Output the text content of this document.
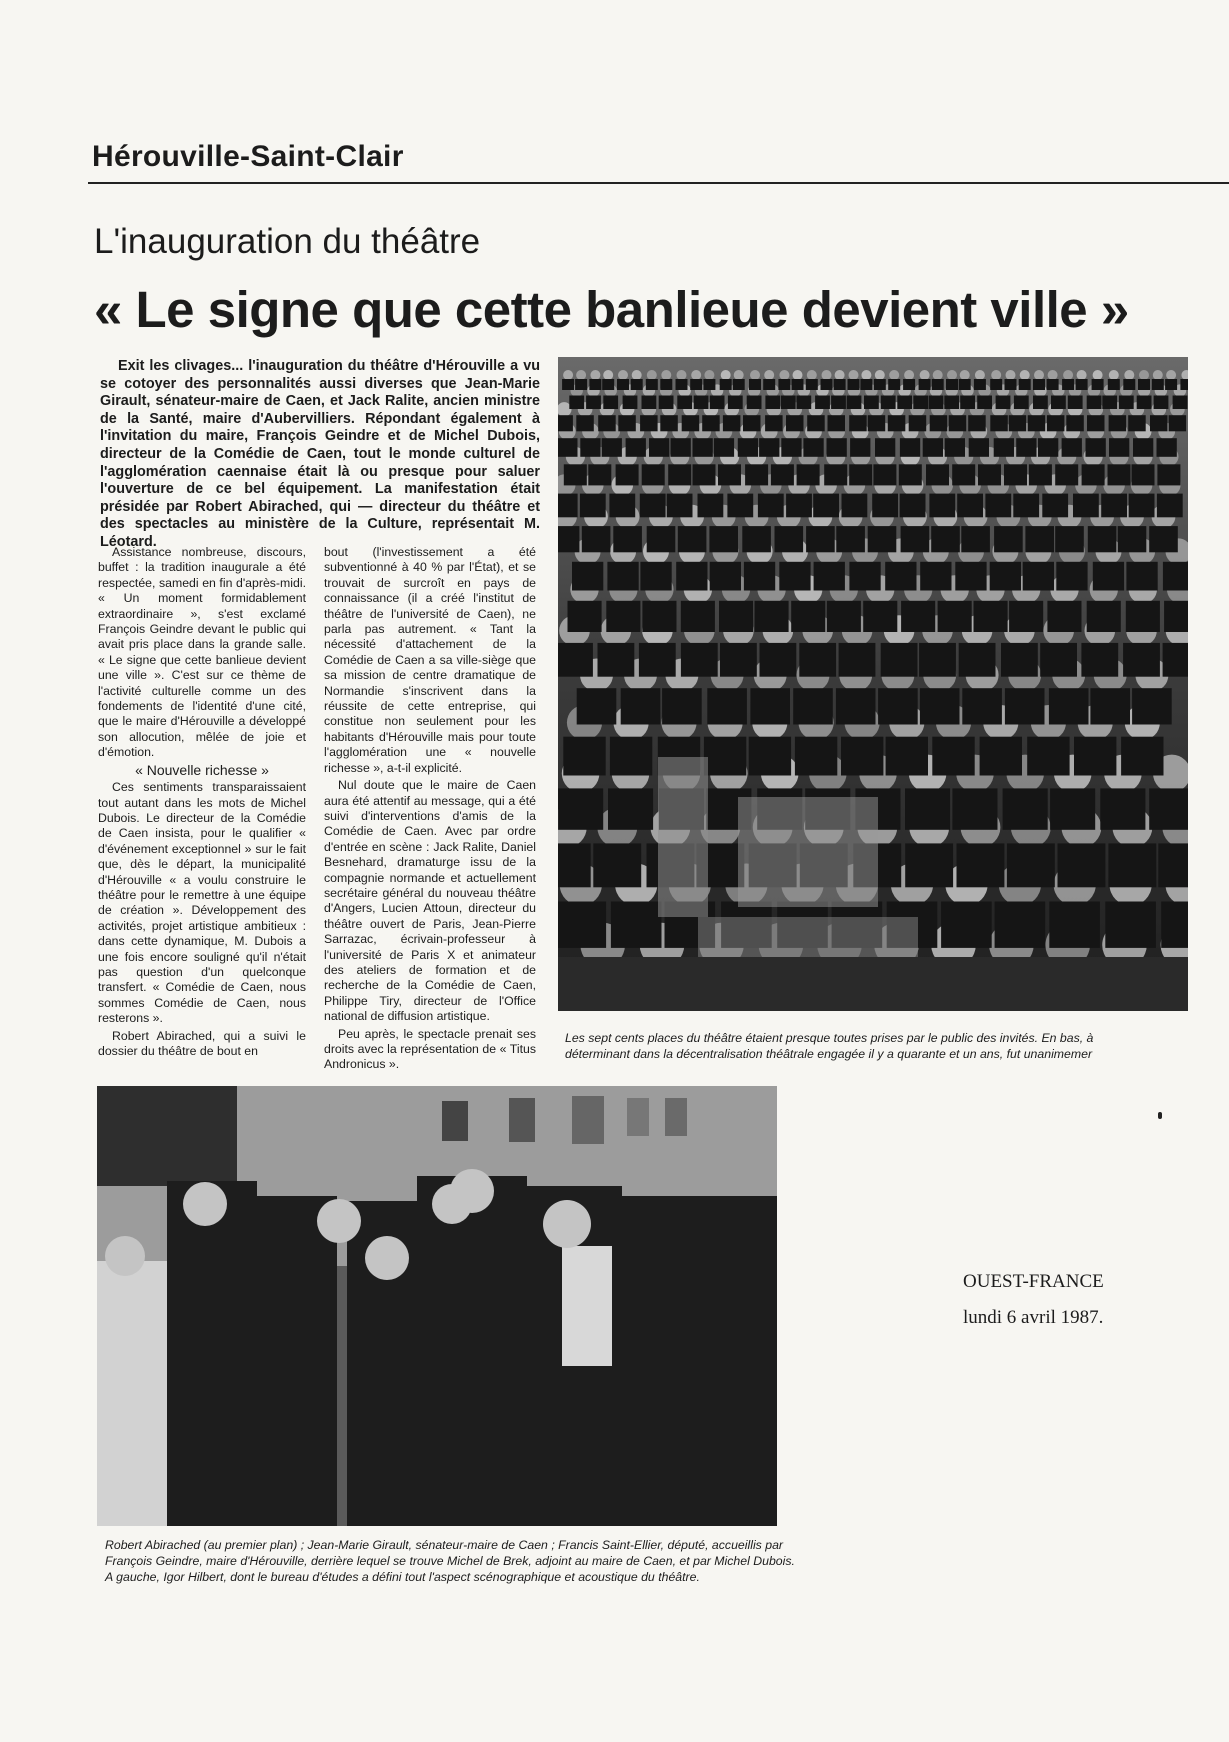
Hérouville-Saint-Clair
L'inauguration du théâtre
« Le signe que cette banlieue devient ville »

Exit les clivages... l'inauguration du théâtre d'Hérouville a vu se cotoyer des personnalités aussi diverses que Jean-Marie Girault, sénateur-maire de Caen, et Jack Ralite, ancien ministre de la Santé, maire d'Aubervilliers. Répondant également à l'invitation du maire, François Geindre et de Michel Dubois, directeur de la Comédie de Caen, tout le monde culturel de l'agglomération caennaise était là ou presque pour saluer l'ouverture de ce bel équipement. La manifestation était présidée par Robert Abirached, qui — directeur du théâtre et des spectacles au ministère de la Culture, représentait M. Léotard.

Assistance nombreuse, discours, buffet : la tradition inaugurale a été respectée, samedi en fin d'après-midi. « Un moment formidablement extraordinaire », s'est exclamé François Geindre devant le public qui avait pris place dans la grande salle. « Le signe que cette banlieue devient une ville ». C'est sur ce thème de l'activité culturelle comme un des fondements de l'identité d'une cité, que le maire d'Hérouville a développé son allocution, mêlée de joie et d'émotion.

« Nouvelle richesse »

Ces sentiments transparaissaient tout autant dans les mots de Michel Dubois. Le directeur de la Comédie de Caen insista, pour le qualifier « d'événement exceptionnel » sur le fait que, dès le départ, la municipalité d'Hérouville « a voulu construire le théâtre pour le remettre à une équipe de création ». Développement des activités, projet artistique ambitieux : dans cette dynamique, M. Dubois a une fois encore souligné qu'il n'était pas question d'un quelconque transfert. « Comédie de Caen, nous sommes Comédie de Caen, nous resterons ».

Robert Abirached, qui a suivi le dossier du théâtre de bout en

bout (l'investissement a été subventionné à 40 % par l'État), et se trouvait de surcroît en pays de connaissance (il a créé l'institut de théâtre de l'université de Caen), ne parla pas autrement. « Tant la nécessité d'attachement de la Comédie de Caen a sa ville-siège que sa mission de centre dramatique de Normandie s'inscrivent dans la réussite de cette entreprise, qui constitue non seulement pour les habitants d'Hérouville mais pour toute l'agglomération une « nouvelle richesse », a-t-il explicité.

Nul doute que le maire de Caen aura été attentif au message, qui a été suivi d'interventions d'amis de la Comédie de Caen. Avec par ordre d'entrée en scène : Jack Ralite, Daniel Besnehard, dramaturge issu de la compagnie normande et actuellement secrétaire général du nouveau théâtre d'Angers, Lucien Attoun, directeur du théâtre ouvert de Paris, Jean-Pierre Sarrazac, écrivain-professeur à l'université de Paris X et animateur des ateliers de formation et de recherche de la Comédie de Caen, Philippe Tiry, directeur de l'Office national de diffusion artistique.

Peu après, le spectacle prenait ses droits avec la représentation de « Titus Andronicus ».

Les sept cents places du théâtre étaient presque toutes prises par le public des invités. En bas, à
déterminant dans la décentralisation théâtrale engagée il y a quarante et un ans, fut unanimemer
Robert Abirached (au premier plan) ; Jean-Marie Girault, sénateur-maire de Caen ; Francis Saint-Ellier, député, accueillis par François Geindre, maire d'Hérouville, derrière lequel se trouve Michel de Brek, adjoint au maire de Caen, et par Michel Dubois. A gauche, Igor Hilbert, dont le bureau d'études a défini tout l'aspect scénographique et acoustique du théâtre.
OUEST-FRANCE
lundi 6 avril 1987.
